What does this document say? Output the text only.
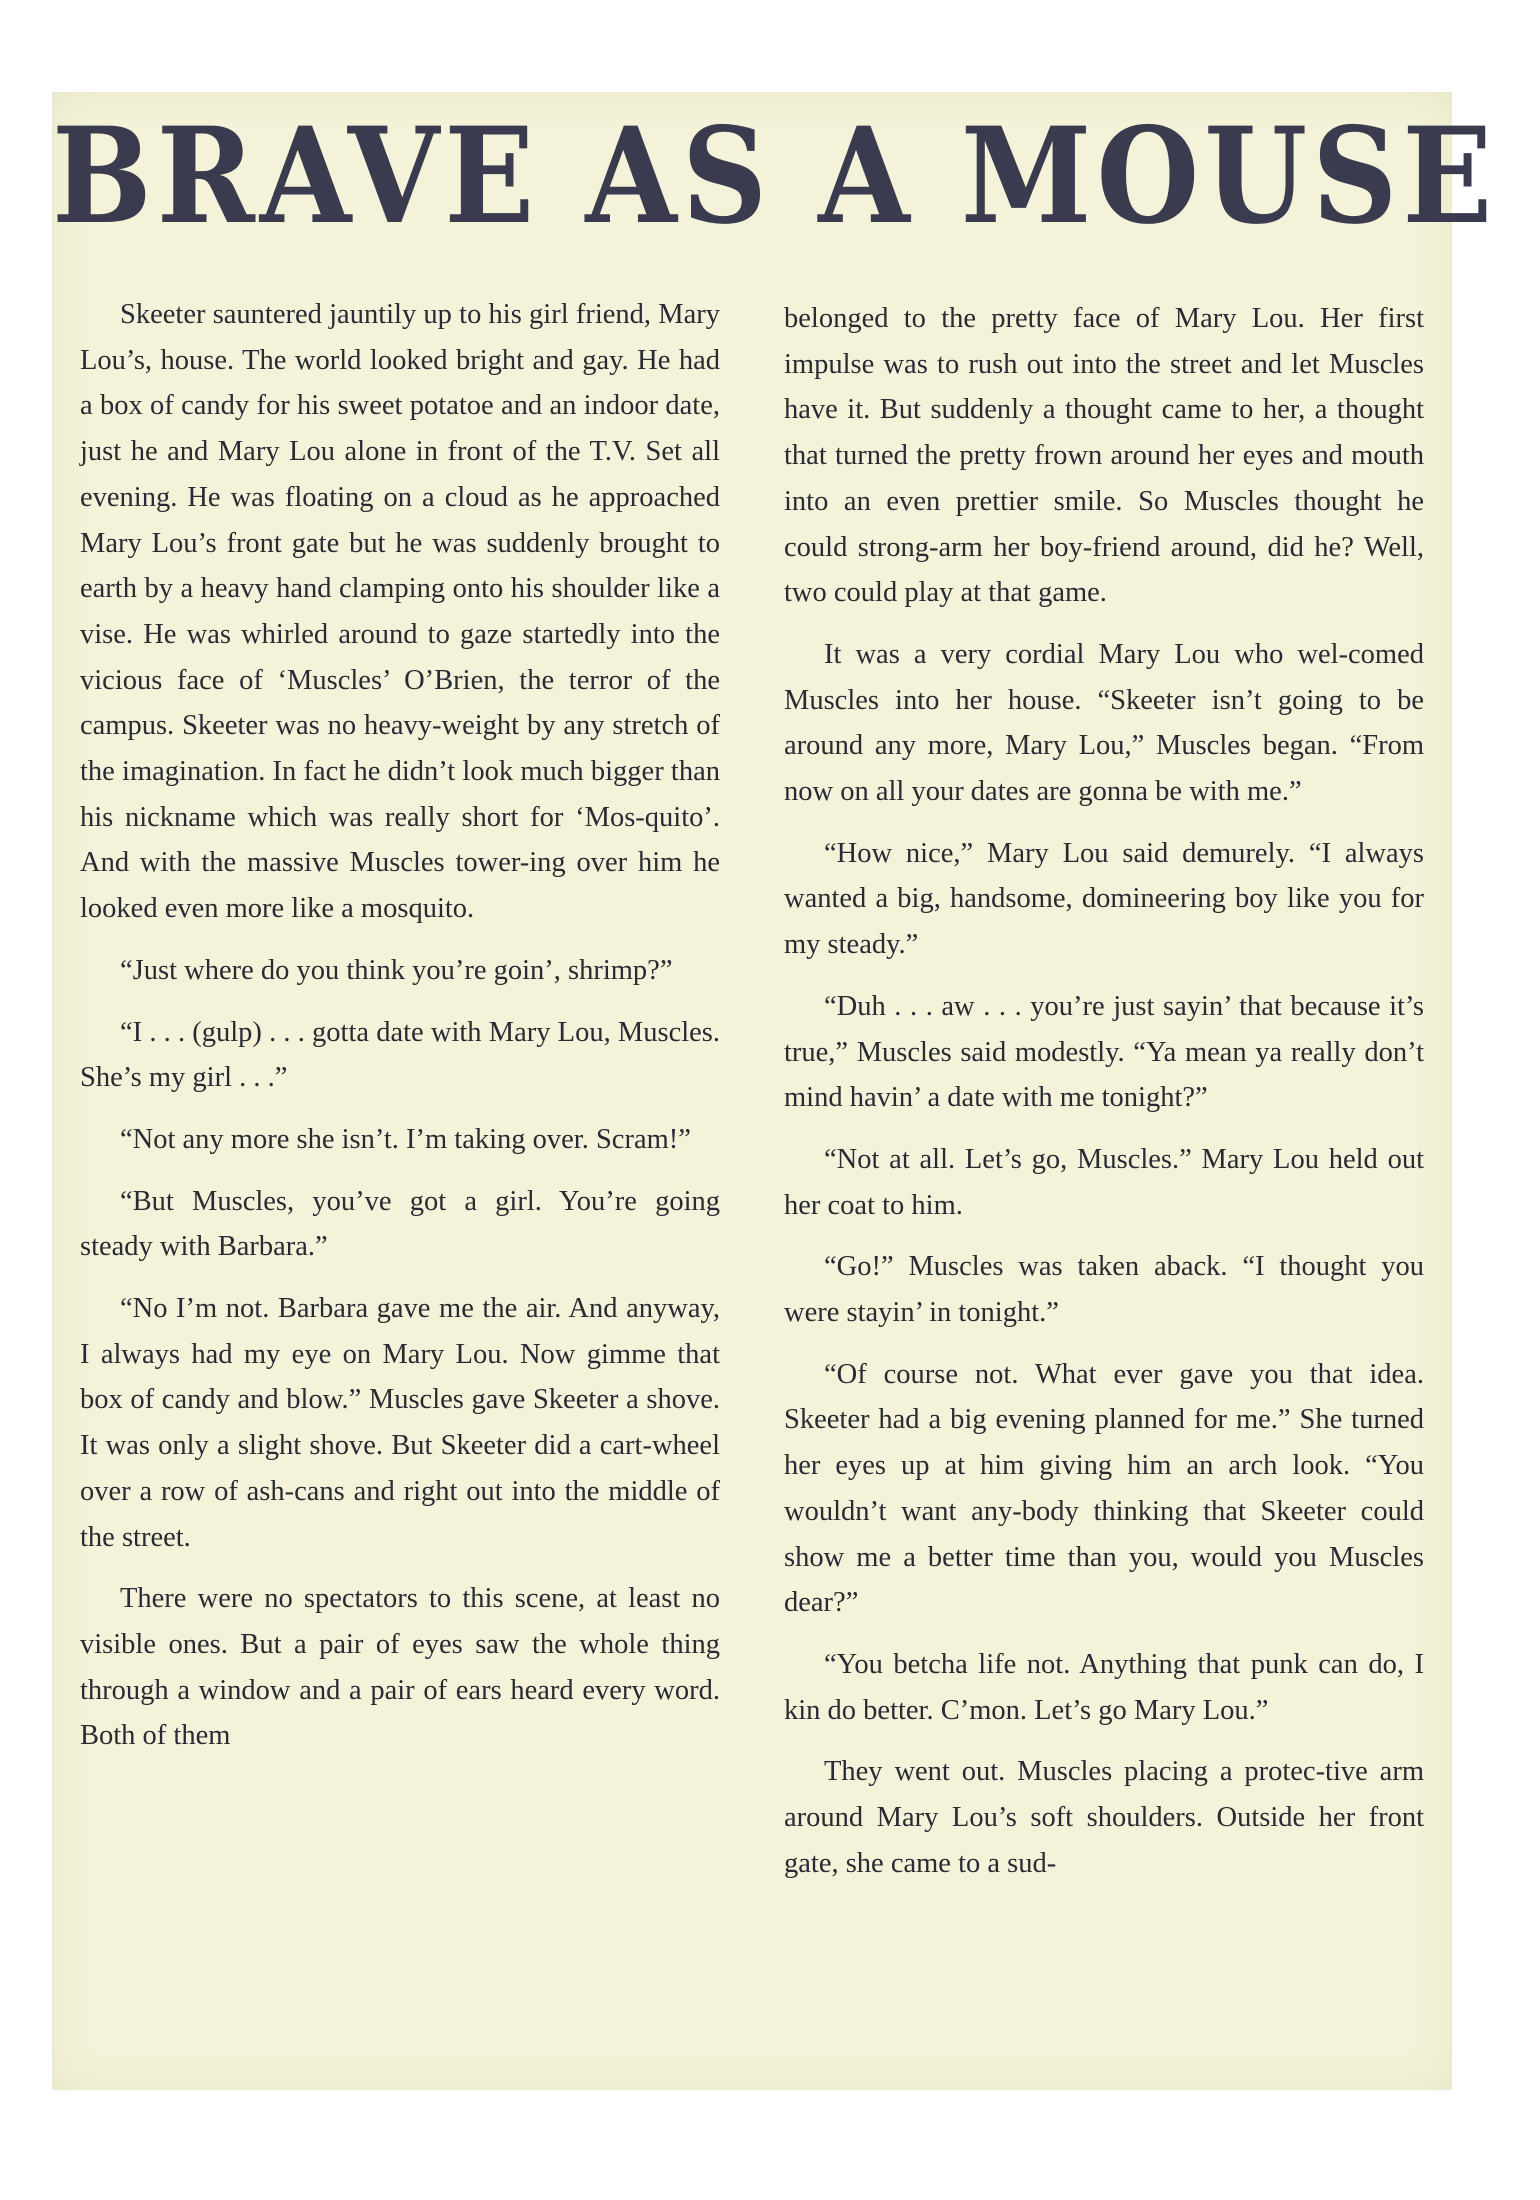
BRAVE AS A MOUSE

Skeeter sauntered jauntily up to his girl friend, Mary Lou’s, house. The world looked bright and gay. He had a box of candy for his sweet potatoe and an indoor date, just he and Mary Lou alone in front of the T.V. Set all evening. He was floating on a cloud as he approached Mary Lou’s front gate but he was suddenly brought to earth by a heavy hand clamping onto his shoulder like a vise. He was whirled around to gaze startedly into the vicious face of ‘Muscles’ O’Brien, the terror of the campus. Skeeter was no heavy-weight by any stretch of the imagination. In fact he didn’t look much bigger than his nickname which was really short for ‘Mos-quito’. And with the massive Muscles tower-ing over him he looked even more like a mosquito.

“Just where do you think you’re goin’, shrimp?”

“I . . . (gulp) . . . gotta date with Mary Lou, Muscles. She’s my girl . . .”

“Not any more she isn’t. I’m taking over. Scram!”

“But Muscles, you’ve got a girl. You’re going steady with Barbara.”

“No I’m not. Barbara gave me the air. And anyway, I always had my eye on Mary Lou. Now gimme that box of candy and blow.” Muscles gave Skeeter a shove. It was only a slight shove. But Skeeter did a cart-wheel over a row of ash-cans and right out into the middle of the street.

There were no spectators to this scene, at least no visible ones. But a pair of eyes saw the whole thing through a window and a pair of ears heard every word. Both of them

belonged to the pretty face of Mary Lou. Her first impulse was to rush out into the street and let Muscles have it. But suddenly a thought came to her, a thought that turned the pretty frown around her eyes and mouth into an even prettier smile. So Muscles thought he could strong-arm her boy-friend around, did he? Well, two could play at that game.

It was a very cordial Mary Lou who wel-comed Muscles into her house. “Skeeter isn’t going to be around any more, Mary Lou,” Muscles began. “From now on all your dates are gonna be with me.”

“How nice,” Mary Lou said demurely. “I always wanted a big, handsome, domineering boy like you for my steady.”

“Duh . . . aw . . . you’re just sayin’ that because it’s true,” Muscles said modestly. “Ya mean ya really don’t mind havin’ a date with me tonight?”

“Not at all. Let’s go, Muscles.” Mary Lou held out her coat to him.

“Go!” Muscles was taken aback. “I thought you were stayin’ in tonight.”

“Of course not. What ever gave you that idea. Skeeter had a big evening planned for me.” She turned her eyes up at him giving him an arch look. “You wouldn’t want any-body thinking that Skeeter could show me a better time than you, would you Muscles dear?”

“You betcha life not. Anything that punk can do, I kin do better. C’mon. Let’s go Mary Lou.”

They went out. Muscles placing a protec-tive arm around Mary Lou’s soft shoulders. Outside her front gate, she came to a sud-
